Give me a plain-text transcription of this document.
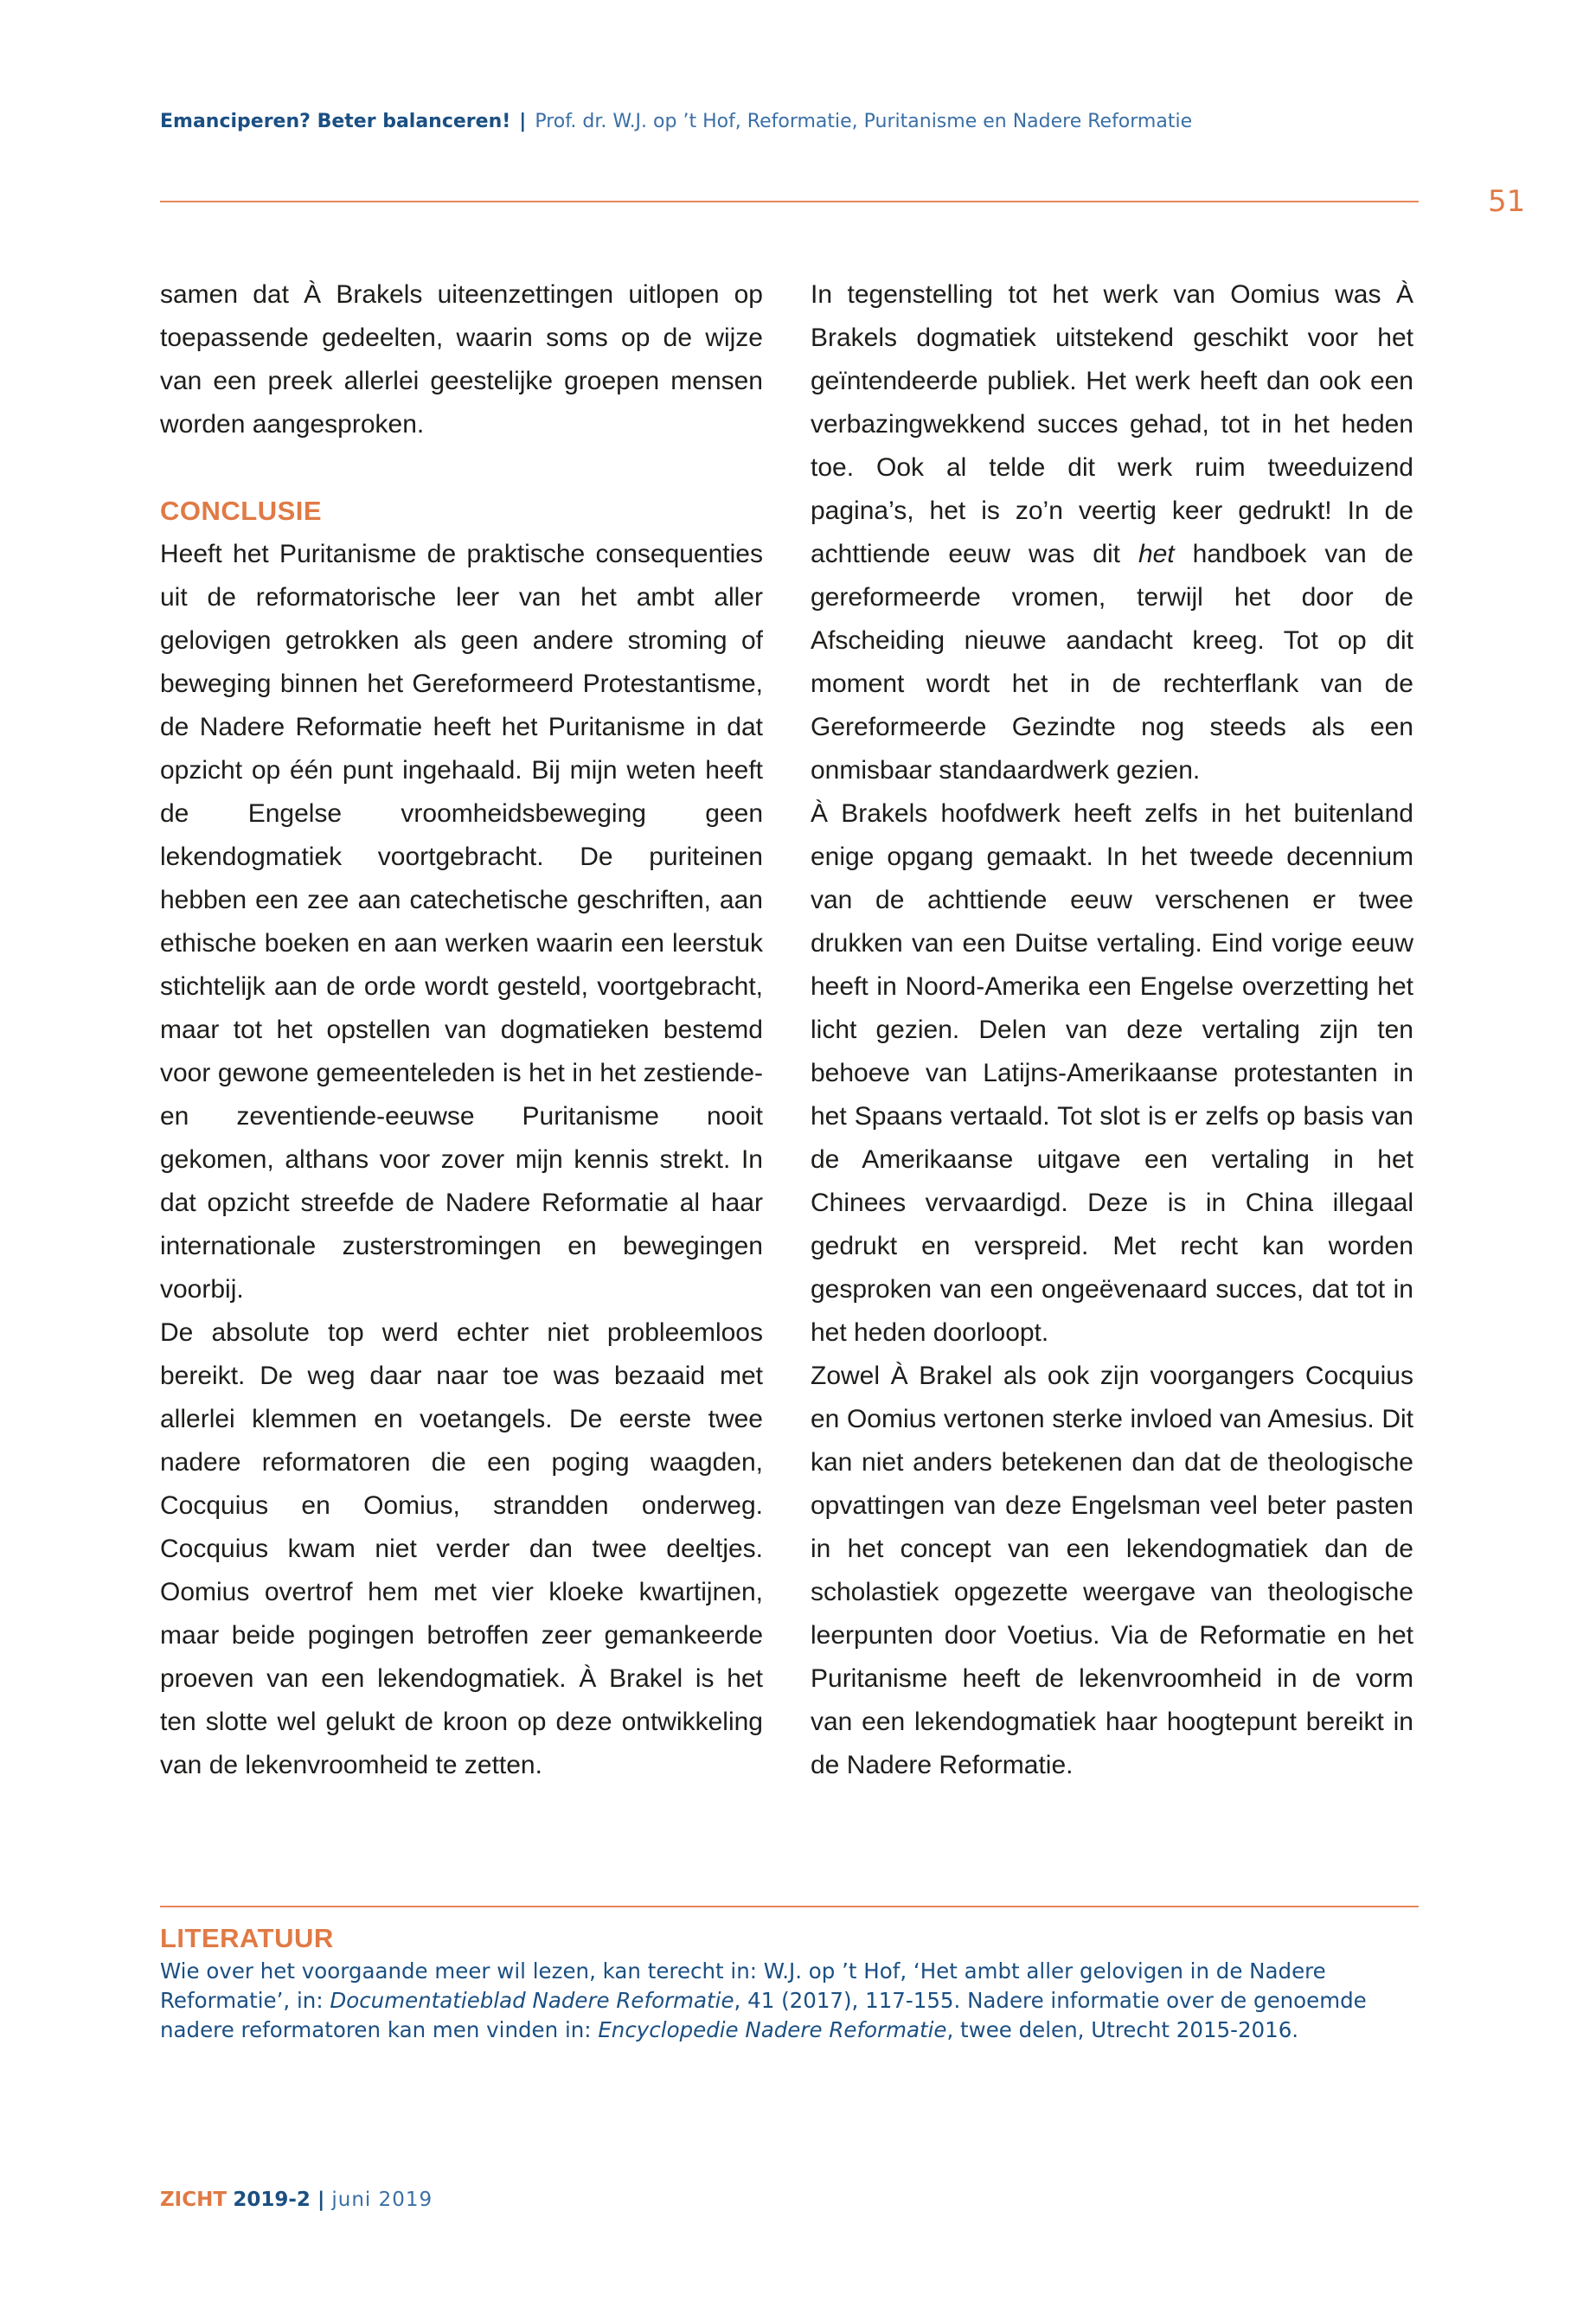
Emanciperen? Beter balanceren! | Prof. dr. W.J. op ’t Hof, Reformatie, Puritanisme en Nadere Reformatie
51

samen dat À Brakels uiteenzettingen uitlopen op toepassende gedeelten, waarin soms op de wijze van een preek allerlei geestelijke groepen mensen worden aangesproken.

CONCLUSIE

Heeft het Puritanisme de praktische consequenties uit de reformatorische leer van het ambt aller gelovigen getrokken als geen andere stroming of beweging binnen het Gereformeerd Protestantisme, de Nadere Reformatie heeft het Puritanisme in dat opzicht op één punt ingehaald. Bij mijn weten heeft de Engelse vroomheidsbeweging geen lekendogmatiek voortgebracht. De puriteinen hebben een zee aan catechetische geschriften, aan ethische boeken en aan werken waarin een leerstuk stichtelijk aan de orde wordt gesteld, voortgebracht, maar tot het opstellen van dogmatieken bestemd voor gewone gemeenteleden is het in het zestiende- en zeventiende-eeuwse Puritanisme nooit gekomen, althans voor zover mijn kennis strekt. In dat opzicht streefde de Nadere Reformatie al haar internationale zusterstromingen en bewegingen voorbij.

De absolute top werd echter niet probleemloos bereikt. De weg daar naar toe was bezaaid met allerlei klemmen en voetangels. De eerste twee nadere reformatoren die een poging waagden, Cocquius en Oomius, strandden onderweg. Cocquius kwam niet verder dan twee deeltjes. Oomius overtrof hem met vier kloeke kwartijnen, maar beide pogingen betroffen zeer gemankeerde proeven van een lekendogmatiek. À Brakel is het ten slotte wel gelukt de kroon op deze ontwikkeling van de lekenvroomheid te zetten.

In tegenstelling tot het werk van Oomius was À Brakels dogmatiek uitstekend geschikt voor het geïntendeerde publiek. Het werk heeft dan ook een verbazingwekkend succes gehad, tot in het heden toe. Ook al telde dit werk ruim tweeduizend pagina’s, het is zo’n veertig keer gedrukt! In de achttiende eeuw was dit het handboek van de gereformeerde vromen, terwijl het door de Afscheiding nieuwe aandacht kreeg. Tot op dit moment wordt het in de rechterflank van de Gereformeerde Gezindte nog steeds als een onmisbaar standaardwerk gezien.

À Brakels hoofdwerk heeft zelfs in het buitenland enige opgang gemaakt. In het tweede decennium van de achttiende eeuw verschenen er twee drukken van een Duitse vertaling. Eind vorige eeuw heeft in Noord-Amerika een Engelse overzetting het licht gezien. Delen van deze vertaling zijn ten behoeve van Latijns-Amerikaanse protestanten in het Spaans vertaald. Tot slot is er zelfs op basis van de Amerikaanse uitgave een vertaling in het Chinees vervaardigd. Deze is in China illegaal gedrukt en verspreid. Met recht kan worden gesproken van een ongeëvenaard succes, dat tot in het heden doorloopt.

Zowel À Brakel als ook zijn voorgangers Cocquius en Oomius vertonen sterke invloed van Amesius. Dit kan niet anders betekenen dan dat de theologische opvattingen van deze Engelsman veel beter pasten in het concept van een lekendogmatiek dan de scholastiek opgezette weergave van theologische leerpunten door Voetius. Via de Reformatie en het Puritanisme heeft de lekenvroomheid in de vorm van een lekendogmatiek haar hoogtepunt bereikt in de Nadere Reformatie.

LITERATUUR

Wie over het voorgaande meer wil lezen, kan terecht in: W.J. op ’t Hof, ‘Het ambt aller gelovigen in de Nadere Reformatie’, in: Documentatieblad Nadere Reformatie, 41 (2017), 117-155. Nadere informatie over de genoemde nadere reformatoren kan men vinden in: Encyclopedie Nadere Reformatie, twee delen, Utrecht 2015-2016.

ZICHT 2019-2 | juni 2019
